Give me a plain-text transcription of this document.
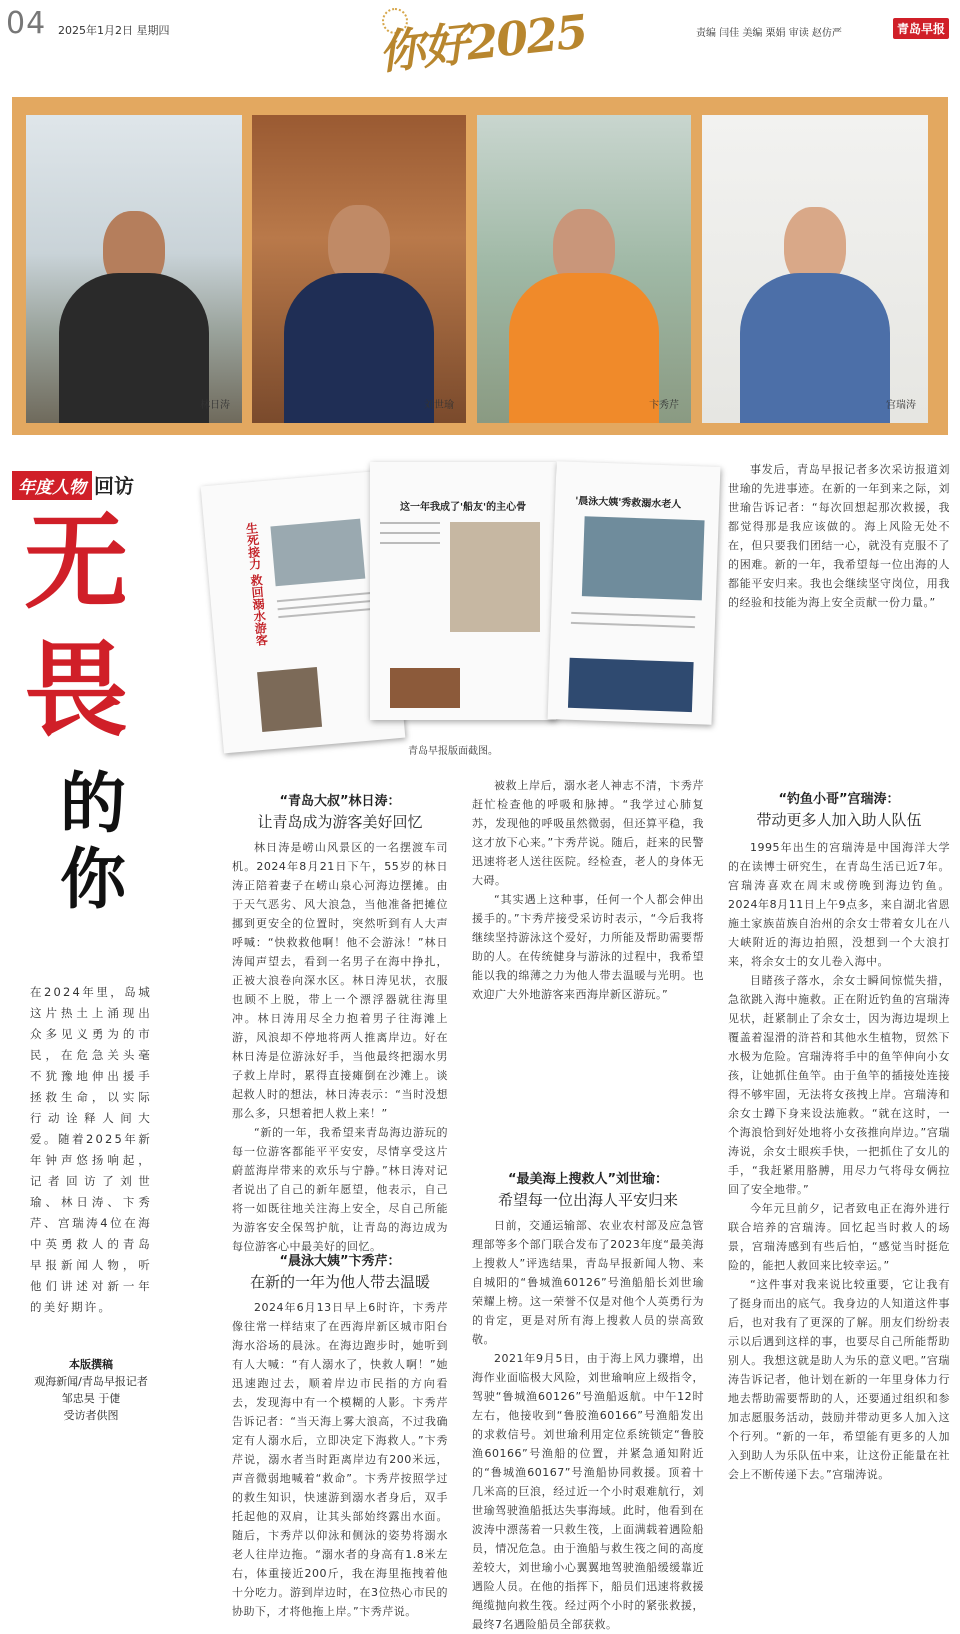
04 2025年1月2日 星期四	你好2025	责编 闫佳 美编 栗娟 审读 赵仿严	青岛早报
林日涛	刘世瑜	卞秀芹	宫瑞涛
年度人物 回访
无
畏
的
你
在2024年里，岛城这片热土上涌现出众多见义勇为的市民，在危急关头毫不犹豫地伸出援手拯救生命，以实际行动诠释人间大爱。随着2025年新年钟声悠扬响起，记者回访了刘世瑜、林日涛、卞秀芹、宫瑞涛4位在海中英勇救人的青岛早报新闻人物，听他们讲述对新一年的美好期许。
本版撰稿
观海新闻/青岛早报记者
邹忠昊 于倢
受访者供图
生死接力 救回溺水游客
这一年我成了'船友'的主心骨	'晨泳大姨'秀救溺水老人
青岛早报版面截图。
“青岛大叔”林日涛：
让青岛成为游客美好回忆

林日涛是崂山风景区的一名摆渡车司机。2024年8月21日下午，55岁的林日涛正陪着妻子在崂山泉心河海边摆摊。由于天气恶劣、风大浪急，当他准备把摊位挪到更安全的位置时，突然听到有人大声呼喊：“快救救他啊！他不会游泳！”林日涛闻声望去，看到一名男子在海中挣扎，正被大浪卷向深水区。林日涛见状，衣服也顾不上脱，带上一个漂浮器就往海里冲。林日涛用尽全力抱着男子往海滩上游，风浪却不停地将两人推离岸边。好在林日涛是位游泳好手，当他最终把溺水男子救上岸时，累得直接瘫倒在沙滩上。谈起救人时的想法，林日涛表示：“当时没想那么多，只想着把人救上来！”

“新的一年，我希望来青岛海边游玩的每一位游客都能平平安安，尽情享受这片蔚蓝海岸带来的欢乐与宁静。”林日涛对记者说出了自己的新年愿望，他表示，自己将一如既往地关注海上安全，尽自己所能为游客安全保驾护航，让青岛的海边成为每位游客心中最美好的回忆。

“晨泳大姨”卞秀芹：
在新的一年为他人带去温暖

2024年6月13日早上6时许，卞秀芹像往常一样结束了在西海岸新区城市阳台海水浴场的晨泳。在海边跑步时，她听到有人大喊：“有人溺水了，快救人啊！”她迅速跑过去，顺着岸边市民指的方向看去，发现海中有一个模糊的人影。卞秀芹告诉记者：“当天海上雾大浪高，不过我确定有人溺水后，立即决定下海救人。”卞秀芹说，溺水者当时距离岸边有200米远，声音微弱地喊着“救命”。卞秀芹按照学过的救生知识，快速游到溺水者身后，双手托起他的双肩，让其头部始终露出水面。随后，卞秀芹以仰泳和侧泳的姿势将溺水老人往岸边拖。“溺水者的身高有1.8米左右，体重接近200斤，我在海里拖拽着他十分吃力。游到岸边时，在3位热心市民的协助下，才将他拖上岸。”卞秀芹说。

被救上岸后，溺水老人神志不清，卞秀芹赶忙检查他的呼吸和脉搏。“我学过心肺复苏，发现他的呼吸虽然微弱，但还算平稳，我这才放下心来。”卞秀芹说。随后，赶来的民警迅速将老人送往医院。经检查，老人的身体无大碍。

“其实遇上这种事，任何一个人都会伸出援手的。”卞秀芹接受采访时表示，“今后我将继续坚持游泳这个爱好，力所能及帮助需要帮助的人。在传统健身与游泳的过程中，我希望能以我的绵薄之力为他人带去温暖与光明。也欢迎广大外地游客来西海岸新区游玩。”

“最美海上搜救人”刘世瑜：
希望每一位出海人平安归来

日前，交通运输部、农业农村部及应急管理部等多个部门联合发布了2023年度“最美海上搜救人”评选结果，青岛早报新闻人物、来自城阳的“鲁城渔60126”号渔船船长刘世瑜荣耀上榜。这一荣誉不仅是对他个人英勇行为的肯定，更是对所有海上搜救人员的崇高致敬。

2021年9月5日，由于海上风力骤增，出海作业面临极大风险，刘世瑜响应上级指令，驾驶“鲁城渔60126”号渔船返航。中午12时左右，他接收到“鲁胶渔60166”号渔船发出的求救信号。刘世瑜利用定位系统锁定“鲁胶渔60166”号渔船的位置，并紧急通知附近的“鲁城渔60167”号渔船协同救援。顶着十几米高的巨浪，经过近一个小时艰难航行，刘世瑜驾驶渔船抵达失事海域。此时，他看到在波涛中漂荡着一只救生筏，上面满载着遇险船员，情况危急。由于渔船与救生筏之间的高度差较大，刘世瑜小心翼翼地驾驶渔船缓缓靠近遇险人员。在他的指挥下，船员们迅速将救援绳缆抛向救生筏。经过两个小时的紧张救援，最终7名遇险船员全部获救。

事发后，青岛早报记者多次采访报道刘世瑜的先进事迹。在新的一年到来之际，刘世瑜告诉记者：“每次回想起那次救援，我都觉得那是我应该做的。海上风险无处不在，但只要我们团结一心，就没有克服不了的困难。新的一年，我希望每一位出海的人都能平安归来。我也会继续坚守岗位，用我的经验和技能为海上安全贡献一份力量。”

“钓鱼小哥”宫瑞涛：
带动更多人加入助人队伍

1995年出生的宫瑞涛是中国海洋大学的在读博士研究生，在青岛生活已近7年。宫瑞涛喜欢在周末或傍晚到海边钓鱼。2024年8月11日上午9点多，来自湖北省恩施土家族苗族自治州的余女士带着女儿在八大峡附近的海边拍照，没想到一个大浪打来，将余女士的女儿卷入海中。

目睹孩子落水，余女士瞬间惊慌失措，急欲跳入海中施救。正在附近钓鱼的宫瑞涛见状，赶紧制止了余女士，因为海边堤坝上覆盖着湿滑的浒苔和其他水生植物，贸然下水极为危险。宫瑞涛将手中的鱼竿伸向小女孩，让她抓住鱼竿。由于鱼竿的插接处连接得不够牢固，无法将女孩拽上岸。宫瑞涛和余女士蹲下身来设法施救。“就在这时，一个海浪恰到好处地将小女孩推向岸边。”宫瑞涛说，余女士眼疾手快，一把抓住了女儿的手，“我赶紧用胳膊，用尽力气将母女俩拉回了安全地带。”

今年元旦前夕，记者致电正在海外进行联合培养的宫瑞涛。回忆起当时救人的场景，宫瑞涛感到有些后怕，“感觉当时挺危险的，能把人救回来比较幸运。”

“这件事对我来说比较重要，它让我有了挺身而出的底气。我身边的人知道这件事后，也对我有了更深的了解。朋友们纷纷表示以后遇到这样的事，也要尽自己所能帮助别人。我想这就是助人为乐的意义吧。”宫瑞涛告诉记者，他计划在新的一年里身体力行地去帮助需要帮助的人，还要通过组织和参加志愿服务活动，鼓励并带动更多人加入这个行列。“新的一年，希望能有更多的人加入到助人为乐队伍中来，让这份正能量在社会上不断传递下去。”宫瑞涛说。
